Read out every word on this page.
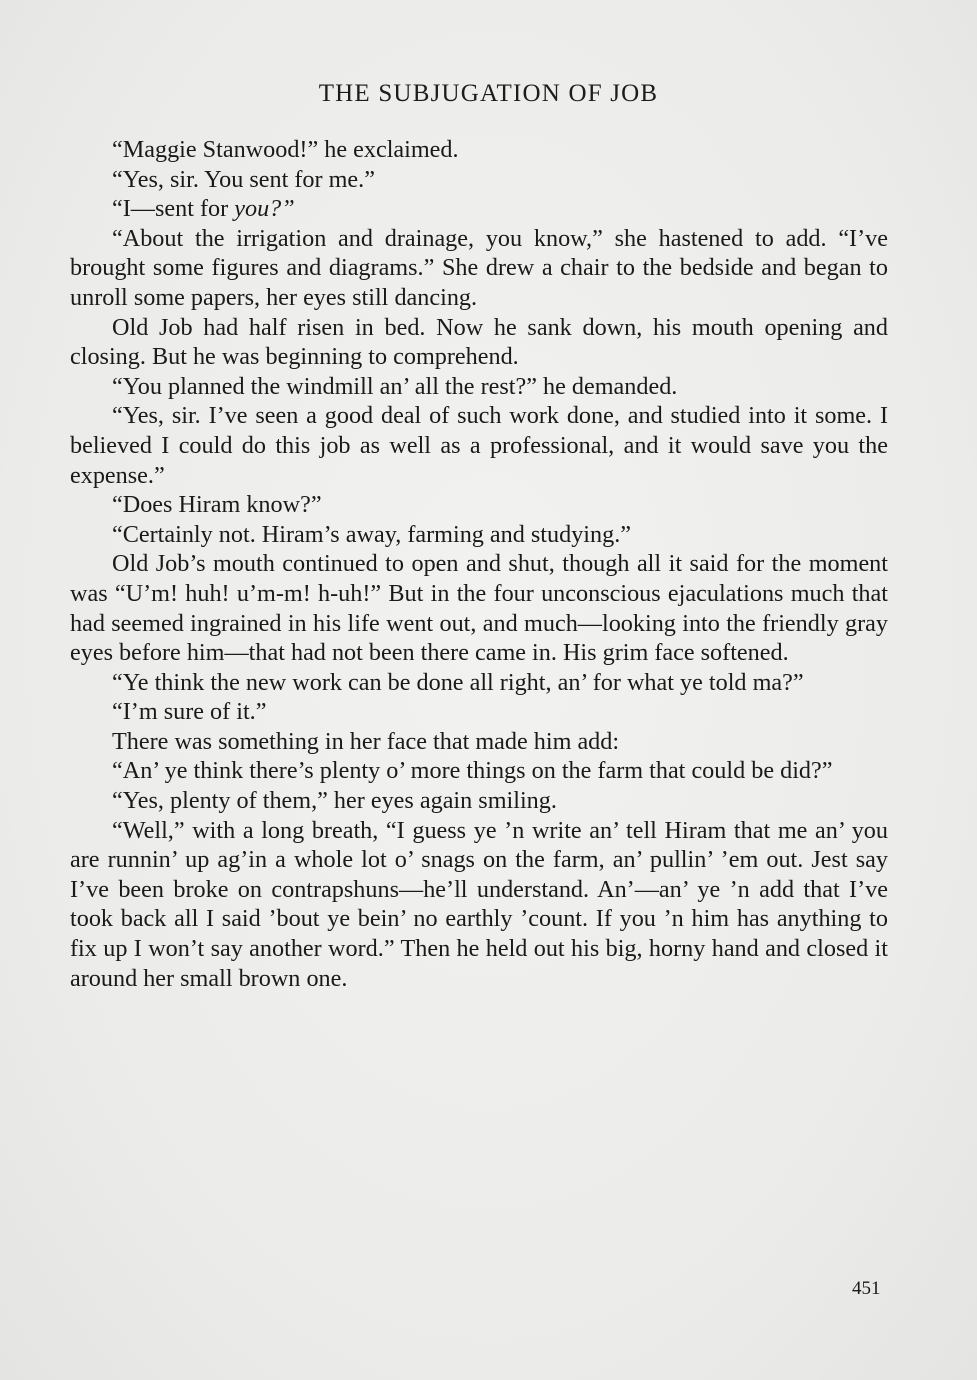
THE SUBJUGATION OF JOB

“Maggie Stanwood!” he exclaimed.

“Yes, sir. You sent for me.”

“I—sent for you?”

“About the irrigation and drainage, you know,” she hastened to add. “I’ve brought some figures and diagrams.” She drew a chair to the bedside and began to unroll some papers, her eyes still dancing.

Old Job had half risen in bed. Now he sank down, his mouth opening and closing. But he was beginning to comprehend.

“You planned the windmill an’ all the rest?” he demanded.

“Yes, sir. I’ve seen a good deal of such work done, and studied into it some. I believed I could do this job as well as a professional, and it would save you the expense.”

“Does Hiram know?”

“Certainly not. Hiram’s away, farming and studying.”

Old Job’s mouth continued to open and shut, though all it said for the moment was “U’m! huh! u’m-m! h-uh!” But in the four unconscious ejaculations much that had seemed ingrained in his life went out, and much—looking into the friendly gray eyes before him—that had not been there came in. His grim face softened.

“Ye think the new work can be done all right, an’ for what ye told ma?”

“I’m sure of it.”

There was something in her face that made him add:

“An’ ye think there’s plenty o’ more things on the farm that could be did?”

“Yes, plenty of them,” her eyes again smiling.

“Well,” with a long breath, “I guess ye ’n write an’ tell Hiram that me an’ you are runnin’ up ag’in a whole lot o’ snags on the farm, an’ pullin’ ’em out. Jest say I’ve been broke on contrapshuns—he’ll understand. An’—an’ ye ’n add that I’ve took back all I said ’bout ye bein’ no earthly ’count. If you ’n him has anything to fix up I won’t say another word.” Then he held out his big, horny hand and closed it around her small brown one.

451
